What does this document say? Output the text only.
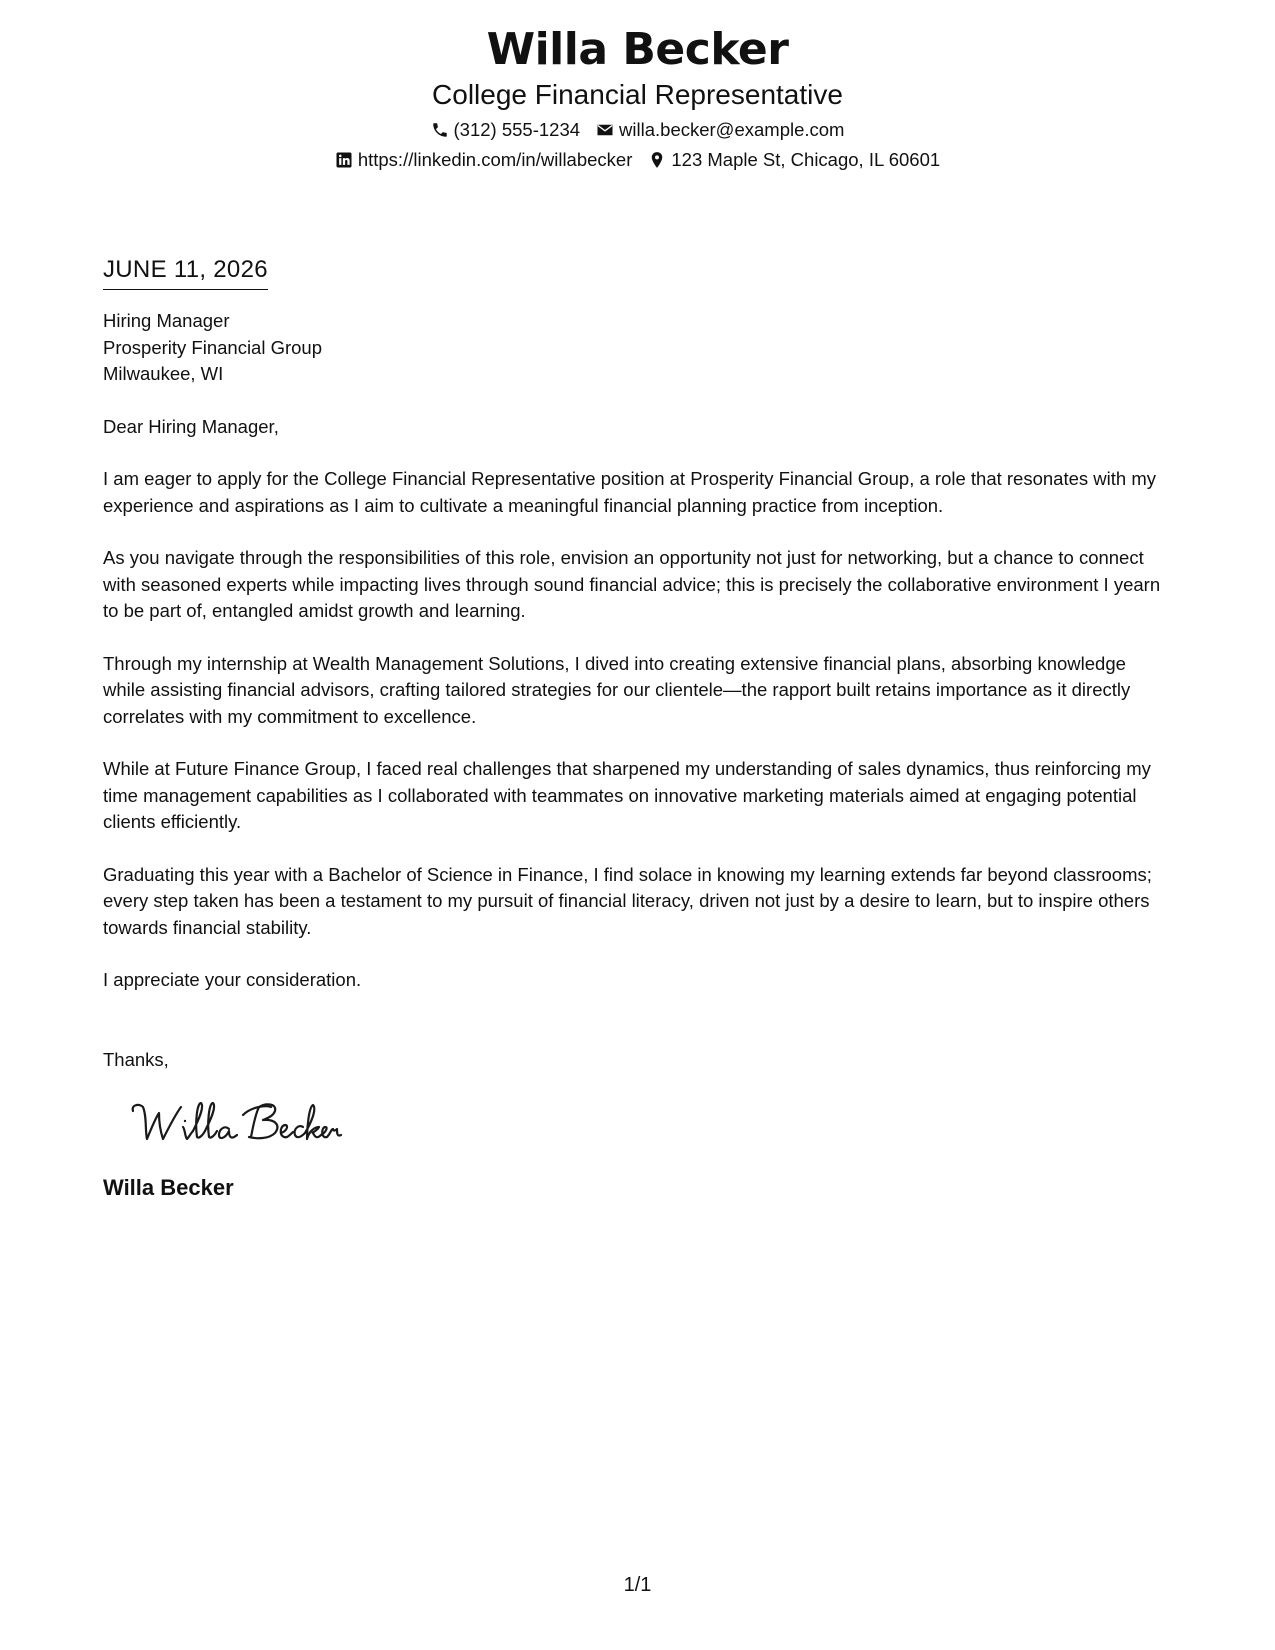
Willa Becker
College Financial Representative
(312) 555-1234 willa.becker@example.com
https://linkedin.com/in/willabecker 123 Maple St, Chicago, IL 60601
JUNE 11, 2026
Hiring Manager
Prosperity Financial Group
Milwaukee, WI
Dear Hiring Manager,
I am eager to apply for the College Financial Representative position at Prosperity Financial Group, a role that resonates with my experience and aspirations as I aim to cultivate a meaningful financial planning practice from inception.
As you navigate through the responsibilities of this role, envision an opportunity not just for networking, but a chance to connect with seasoned experts while impacting lives through sound financial advice; this is precisely the collaborative environment I yearn to be part of, entangled amidst growth and learning.
Through my internship at Wealth Management Solutions, I dived into creating extensive financial plans, absorbing knowledge while assisting financial advisors, crafting tailored strategies for our clientele—the rapport built retains importance as it directly correlates with my commitment to excellence.
While at Future Finance Group, I faced real challenges that sharpened my understanding of sales dynamics, thus reinforcing my time management capabilities as I collaborated with teammates on innovative marketing materials aimed at engaging potential clients efficiently.
Graduating this year with a Bachelor of Science in Finance, I find solace in knowing my learning extends far beyond classrooms; every step taken has been a testament to my pursuit of financial literacy, driven not just by a desire to learn, but to inspire others towards financial stability.
I appreciate your consideration.
Thanks,
Willa Becker
1/1
